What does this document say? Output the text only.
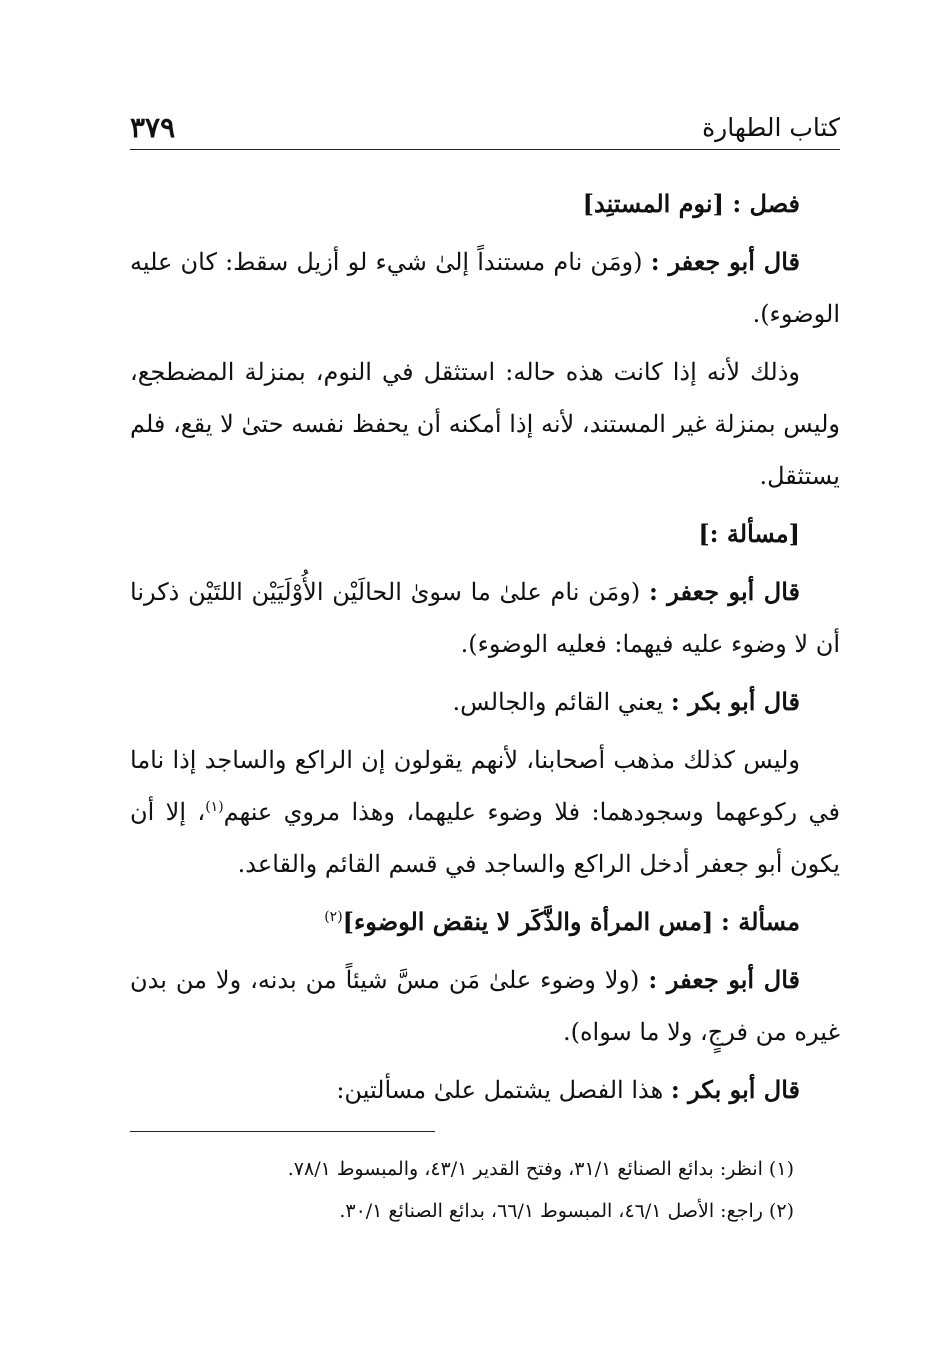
كتاب الطهارة
٣٧٩

فصل : [نوم المستنِد]

قال أبو جعفر : (ومَن نام مستنداً إلىٰ شيء لو أزيل سقط: كان عليه الوضوء).

وذلك لأنه إذا كانت هذه حاله: استثقل في النوم، بمنزلة المضطجع، وليس بمنزلة غير المستند، لأنه إذا أمكنه أن يحفظ نفسه حتىٰ لا يقع، فلم يستثقل.

[مسألة :]

قال أبو جعفر : (ومَن نام علىٰ ما سوىٰ الحالَيْن الأُوْلَيَيْن اللتَيْن ذكرنا أن لا وضوء عليه فيهما: فعليه الوضوء).

قال أبو بكر : يعني القائم والجالس.

وليس كذلك مذهب أصحابنا، لأنهم يقولون إن الراكع والساجد إذا ناما في ركوعهما وسجودهما: فلا وضوء عليهما، وهذا مروي عنهم$^{(١)}$، إلا أن يكون أبو جعفر أدخل الراكع والساجد في قسم القائم والقاعد.

مسألة : [مس المرأة والذَّكَر لا ينقض الوضوء]$^{(٢)}$

قال أبو جعفر : (ولا وضوء علىٰ مَن مسَّ شيئاً من بدنه، ولا من بدن غيره من فرجٍ، ولا ما سواه).

قال أبو بكر : هذا الفصل يشتمل علىٰ مسألتين:

(١) انظر: بدائع الصنائع ٣١/١، وفتح القدير ٤٣/١، والمبسوط ٧٨/١.
(٢) راجع: الأصل ٤٦/١، المبسوط ٦٦/١، بدائع الصنائع ٣٠/١.
